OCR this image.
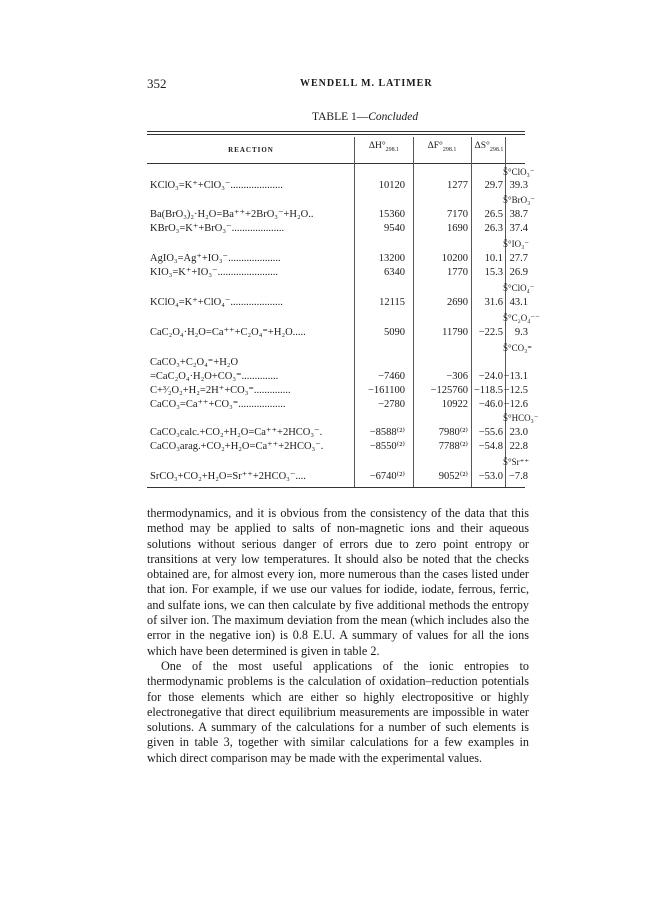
352	WENDELL M. LATIMER
TABLE 1—Concluded
REACTION	$\Delta H^\circ_{298.1}$	$\Delta F^\circ_{298.1}$	$\Delta S^\circ_{298.1}$
S̄°ClO₃⁻
KClO₃=K⁺+ClO₃⁻....................	10120	1277	29.7 39.3
S̄°BrO₃⁻
Ba(BrO₃)₂·H₂O=Ba⁺⁺+2BrO₃⁻+H₂O..	15360	7170	26.5 38.7
KBrO₃=K⁺+BrO₃⁻....................	9540	1690	26.3 37.4
S̄°IO₃⁻
AgIO₃=Ag⁺+IO₃⁻....................	13200	10200	10.1 27.7
KIO₃=K⁺+IO₃⁻.......................	6340	1770	15.3 26.9
S̄°ClO₄⁻
KClO₄=K⁺+ClO₄⁻....................	12115	2690	31.6 43.1
S̄°C₂O₄⁻⁻
CaC₂O₄·H₂O=Ca⁺⁺+C₂O₄⁼+H₂O.....	5090	11790	−22.5	9.3
S̄°CO₃⁼
CaCO₃+C₂O₄⁼+H₂O
=CaC₂O₄·H₂O+CO₃⁼..............	−7460	−306	−24.0 −13.1
C+³⁄₂O₂+H₂=2H⁺+CO₃⁼..............	−161100	−125760 −118.5 −12.5
CaCO₃=Ca⁺⁺+CO₃⁼..................	−2780	10922	−46.0 −12.6
S̄°HCO₃⁻
CaCO₃calc.+CO₂+H₂O=Ca⁺⁺+2HCO₃⁻.	−8588⁽²⁾	7980⁽²⁾	−55.6 23.0
CaCO₃arag.+CO₂+H₂O=Ca⁺⁺+2HCO₃⁻.	−8550⁽²⁾	7788⁽²⁾	−54.8 22.8
S̄°Sr⁺⁺
SrCO₃+CO₂+H₂O=Sr⁺⁺+2HCO₃⁻....	−6740⁽²⁾	9052⁽²⁾	−53.0 −7.8

thermodynamics, and it is obvious from the consistency of the data that this method may be applied to salts of non-magnetic ions and their aqueous solutions without serious danger of errors due to zero point entropy or transitions at very low temperatures. It should also be noted that the checks obtained are, for almost every ion, more numerous than the cases listed under that ion. For example, if we use our values for iodide, iodate, ferrous, ferric, and sulfate ions, we can then calculate by five additional methods the entropy of silver ion. The maximum deviation from the mean (which includes also the error in the negative ion) is 0.8 E.U. A summary of values for all the ions which have been determined is given in table 2.

One of the most useful applications of the ionic entropies to thermodynamic problems is the calculation of oxidation–reduction potentials for those elements which are either so highly electropositive or highly electronegative that direct equilibrium measurements are impossible in water solutions. A summary of the calculations for a number of such elements is given in table 3, together with similar calculations for a few examples in which direct comparison may be made with the experimental values.
